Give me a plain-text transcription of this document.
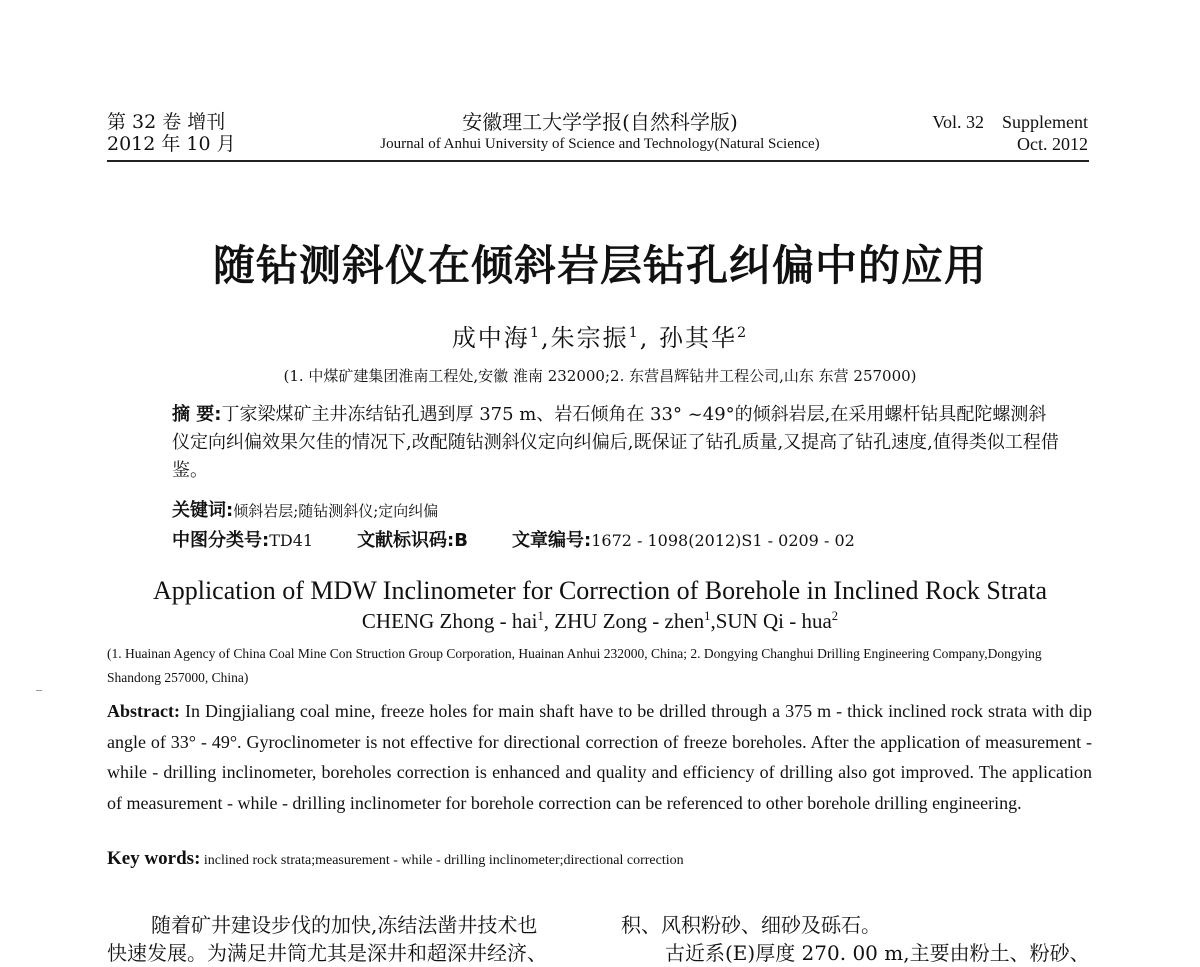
第 32 卷 增刊
2012 年 10 月
安徽理工大学学报(自然科学版)
Journal of Anhui University of Science and Technology(Natural Science)
Vol. 32 Supplement
Oct. 2012
随钻测斜仪在倾斜岩层钻孔纠偏中的应用
成中海$^1$,朱宗振$^1$, 孙其华$^2$
(1. 中煤矿建集团淮南工程处,安徽 淮南 232000;2. 东营昌辉钻井工程公司,山东 东营 257000)
摘 要:丁家梁煤矿主井冻结钻孔遇到厚 375 m、岩石倾角在 33° ~49°的倾斜岩层,在采用螺杆钻具配陀螺测斜仪定向纠偏效果欠佳的情况下,改配随钻测斜仪定向纠偏后,既保证了钻孔质量,又提高了钻孔速度,值得类似工程借鉴。
关键词:倾斜岩层;随钻测斜仪;定向纠偏
中图分类号:TD41 文献标识码:B 文章编号:1672 - 1098(2012)S1 - 0209 - 02
Application of MDW Inclinometer for Correction of Borehole in Inclined Rock Strata
CHENG Zhong - hai$^1$, ZHU Zong - zhen$^1$,SUN Qi - hua$^2$
(1. Huainan Agency of China Coal Mine Con Struction Group Corporation, Huainan Anhui 232000, China; 2. Dongying Changhui Drilling Engineering Company,Dongying Shandong 257000, China)
Abstract: In Dingjialiang coal mine, freeze holes for main shaft have to be drilled through a 375 m - thick inclined rock strata with dip angle of 33° - 49°. Gyroclinometer is not effective for directional correction of freeze boreholes. After the application of measurement - while - drilling inclinometer, boreholes correction is enhanced and quality and efficiency of drilling also got improved. The application of measurement - while - drilling inclinometer for borehole correction can be referenced to other borehole drilling engineering.
Key words: inclined rock strata;measurement - while - drilling inclinometer;directional correction
随着矿井建设步伐的加快,冻结法凿井技术也
快速发展。为满足井筒尤其是深井和超深井经济、
积、风积粉砂、细砂及砾石。
古近系(E)厚度 270. 00 m,主要由粉土、粉砂、
